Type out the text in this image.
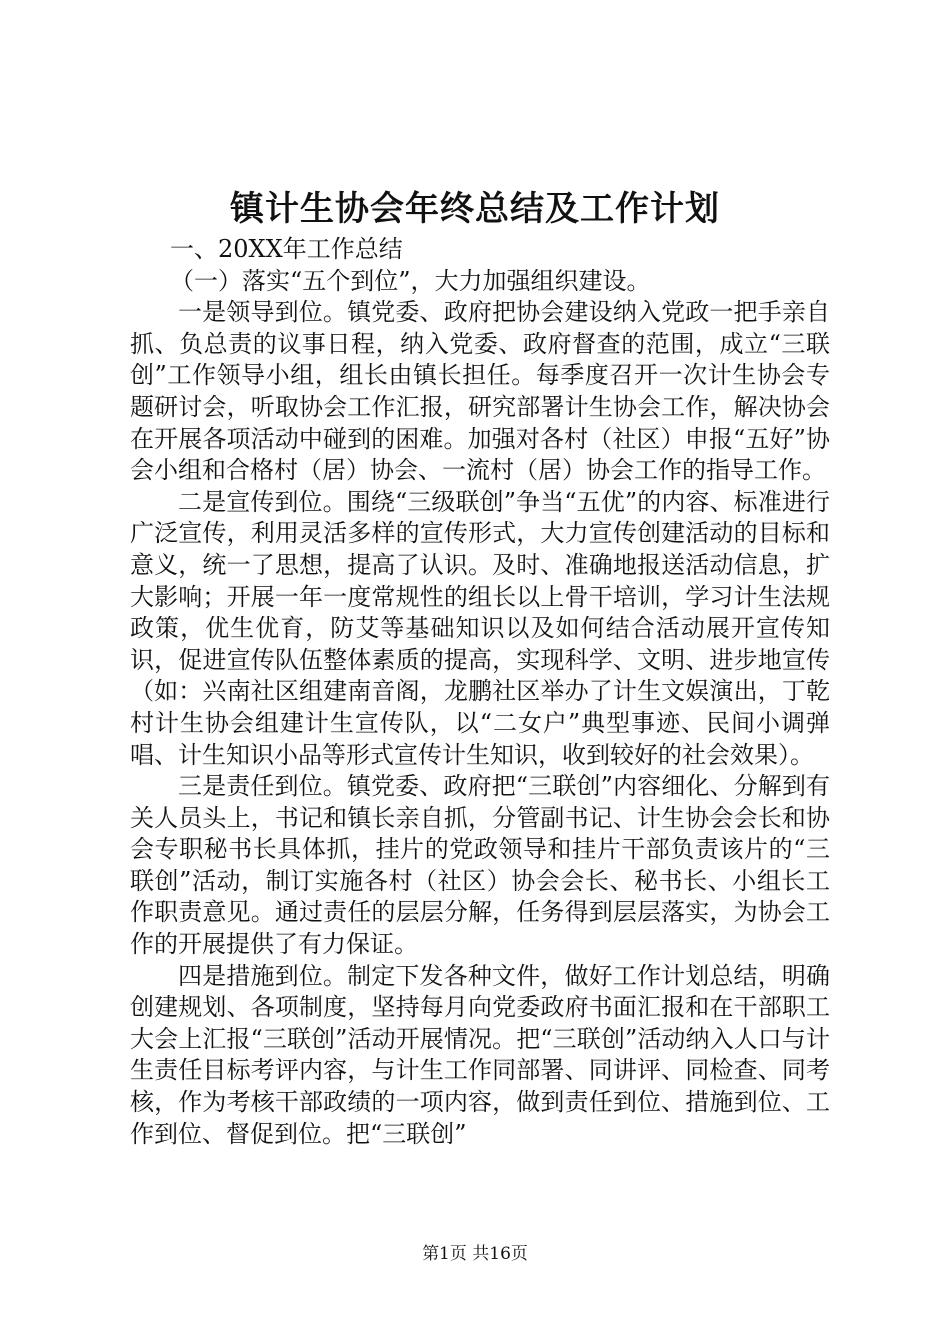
镇计生协会年终总结及工作计划

一、20XX年工作总结

（一）落实“五个到位”，大力加强组织建设。

一是领导到位。镇党委、政府把协会建设纳入党政一把手亲自抓、负总责的议事日程，纳入党委、政府督查的范围，成立“三联创”工作领导小组，组长由镇长担任。每季度召开一次计生协会专题研讨会，听取协会工作汇报，研究部署计生协会工作，解决协会在开展各项活动中碰到的困难。加强对各村（社区）申报“五好”协会小组和合格村（居）协会、一流村（居）协会工作的指导工作。

二是宣传到位。围绕“三级联创”争当“五优”的内容、标准进行广泛宣传，利用灵活多样的宣传形式，大力宣传创建活动的目标和意义，统一了思想，提高了认识。及时、准确地报送活动信息，扩大影响；开展一年一度常规性的组长以上骨干培训，学习计生法规政策，优生优育，防艾等基础知识以及如何结合活动展开宣传知识，促进宣传队伍整体素质的提高，实现科学、文明、进步地宣传（如：兴南社区组建南音阁，龙鹏社区举办了计生文娱演出，丁乾村计生协会组建计生宣传队，以“二女户”典型事迹、民间小调弹唱、计生知识小品等形式宣传计生知识，收到较好的社会效果）。

三是责任到位。镇党委、政府把“三联创”内容细化、分解到有关人员头上，书记和镇长亲自抓，分管副书记、计生协会会长和协会专职秘书长具体抓，挂片的党政领导和挂片干部负责该片的“三联创”活动，制订实施各村（社区）协会会长、秘书长、小组长工作职责意见。通过责任的层层分解，任务得到层层落实，为协会工作的开展提供了有力保证。

四是措施到位。制定下发各种文件，做好工作计划总结，明确创建规划、各项制度，坚持每月向党委政府书面汇报和在干部职工大会上汇报“三联创”活动开展情况。把“三联创”活动纳入人口与计生责任目标考评内容，与计生工作同部署、同讲评、同检查、同考核，作为考核干部政绩的一项内容，做到责任到位、措施到位、工作到位、督促到位。把“三联创”

第1页 共16页
